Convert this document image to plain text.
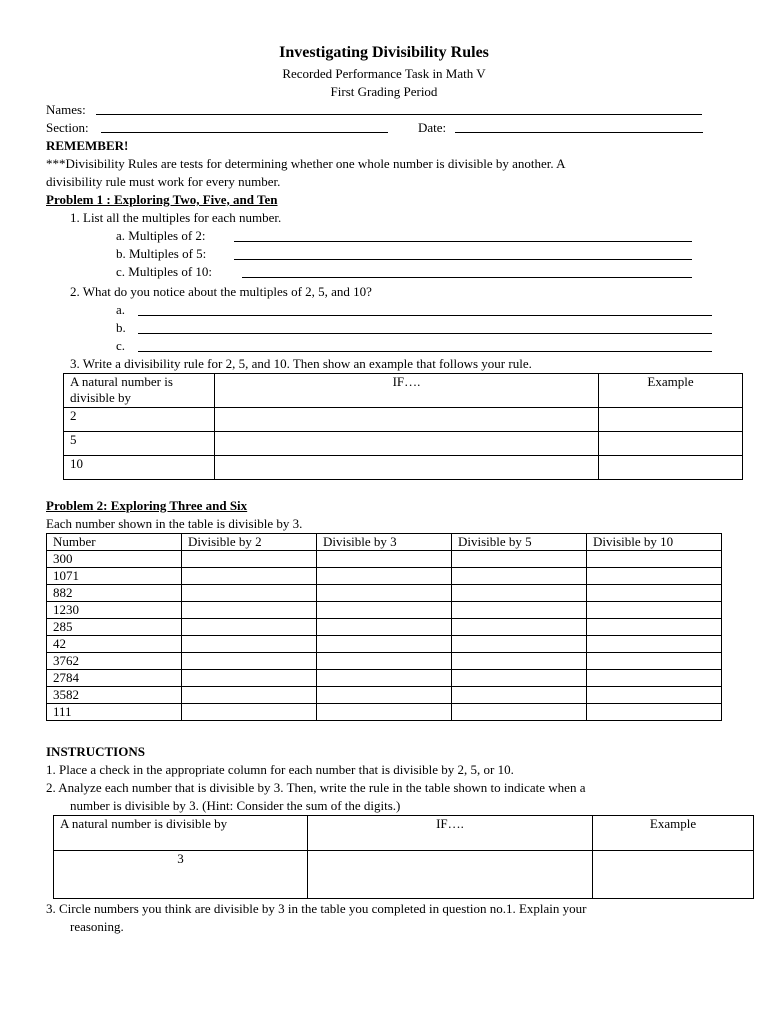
Investigating Divisibility Rules
Recorded Performance Task in Math V
First Grading Period
Names:
Section:	Date:
REMEMBER!
***Divisibility Rules are tests for determining whether one whole number is divisible by another. A
divisibility rule must work for every number.
Problem 1 : Exploring Two, Five, and Ten
1. List all the multiples for each number.
a. Multiples of 2:
b. Multiples of 5:
c. Multiples of 10:
2. What do you notice about the multiples of 2, 5, and 10?
a.
b.
c.
3. Write a divisibility rule for 2, 5, and 10. Then show an example that follows your rule.
A natural number is divisible by	IF….	Example
2		
5		
10		
Problem 2: Exploring Three and Six
Each number shown in the table is divisible by 3.
Number	Divisible by 2	Divisible by 3	Divisible by 5	Divisible by 10
300				
1071				
882				
1230				
285				
42				
3762				
2784				
3582				
111				
INSTRUCTIONS
1. Place a check in the appropriate column for each number that is divisible by 2, 5, or 10.
2. Analyze each number that is divisible by 3. Then, write the rule in the table shown to indicate when a
number is divisible by 3. (Hint: Consider the sum of the digits.)
A natural number is divisible by	IF….	Example
3		
3. Circle numbers you think are divisible by 3 in the table you completed in question no.1. Explain your
reasoning.
